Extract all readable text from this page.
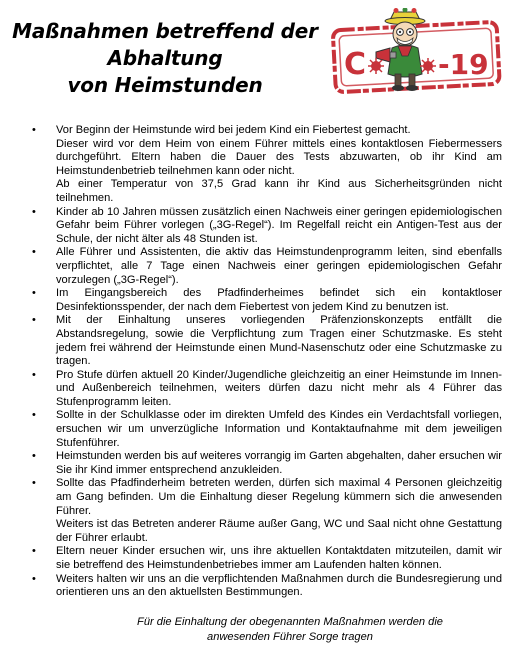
Maßnahmen betreffend der
Abhaltung
von Heimstunden
C	-19
• Vor Beginn der Heimstunde wird bei jedem Kind ein Fiebertest gemacht.

Dieser wird vor dem Heim von einem Führer mittels eines kontaktlosen Fiebermessers durchgeführt. Eltern haben die Dauer des Tests abzuwarten, ob ihr Kind am Heimstundenbetrieb teilnehmen kann oder nicht.

Ab einer Temperatur von 37,5 Grad kann ihr Kind aus Sicherheitsgründen nicht teilnehmen.

• Kinder ab 10 Jahren müssen zusätzlich einen Nachweis einer geringen epidemiologischen Gefahr beim Führer vorlegen („3G-Regel“). Im Regelfall reicht ein Antigen-Test aus der Schule, der nicht älter als 48 Stunden ist.

• Alle Führer und Assistenten, die aktiv das Heimstundenprogramm leiten, sind ebenfalls verpflichtet, alle 7 Tage einen Nachweis einer geringen epidemiologischen Gefahr vorzulegen („3G-Regel“).

• Im Eingangsbereich des Pfadfinderheimes befindet sich ein kontaktloser Desinfektionsspender, der nach dem Fiebertest von jedem Kind zu benutzen ist.

• Mit der Einhaltung unseres vorliegenden Präfenzionskonzepts entfällt die Abstandsregelung, sowie die Verpflichtung zum Tragen einer Schutzmaske. Es steht jedem frei während der Heimstunde einen Mund-Nasenschutz oder eine Schutzmaske zu tragen.

• Pro Stufe dürfen aktuell 20 Kinder/Jugendliche gleichzeitig an einer Heimstunde im Innen- und Außenbereich teilnehmen, weiters dürfen dazu nicht mehr als 4 Führer das Stufenprogramm leiten.

• Sollte in der Schulklasse oder im direkten Umfeld des Kindes ein Verdachtsfall vorliegen, ersuchen wir um unverzügliche Information und Kontaktaufnahme mit dem jeweiligen Stufenführer.

• Heimstunden werden bis auf weiteres vorrangig im Garten abgehalten, daher ersuchen wir Sie ihr Kind immer entsprechend anzukleiden.

• Sollte das Pfadfinderheim betreten werden, dürfen sich maximal 4 Personen gleichzeitig am Gang befinden. Um die Einhaltung dieser Regelung kümmern sich die anwesenden Führer.

Weiters ist das Betreten anderer Räume außer Gang, WC und Saal nicht ohne Gestattung der Führer erlaubt.

• Eltern neuer Kinder ersuchen wir, uns ihre aktuellen Kontaktdaten mitzuteilen, damit wir sie betreffend des Heimstundenbetriebes immer am Laufenden halten können.

• Weiters halten wir uns an die verpflichtenden Maßnahmen durch die Bundesregierung und orientieren uns an den aktuellsten Bestimmungen.

Für die Einhaltung der obegenannten Maßnahmen werden die
anwesenden Führer Sorge tragen
